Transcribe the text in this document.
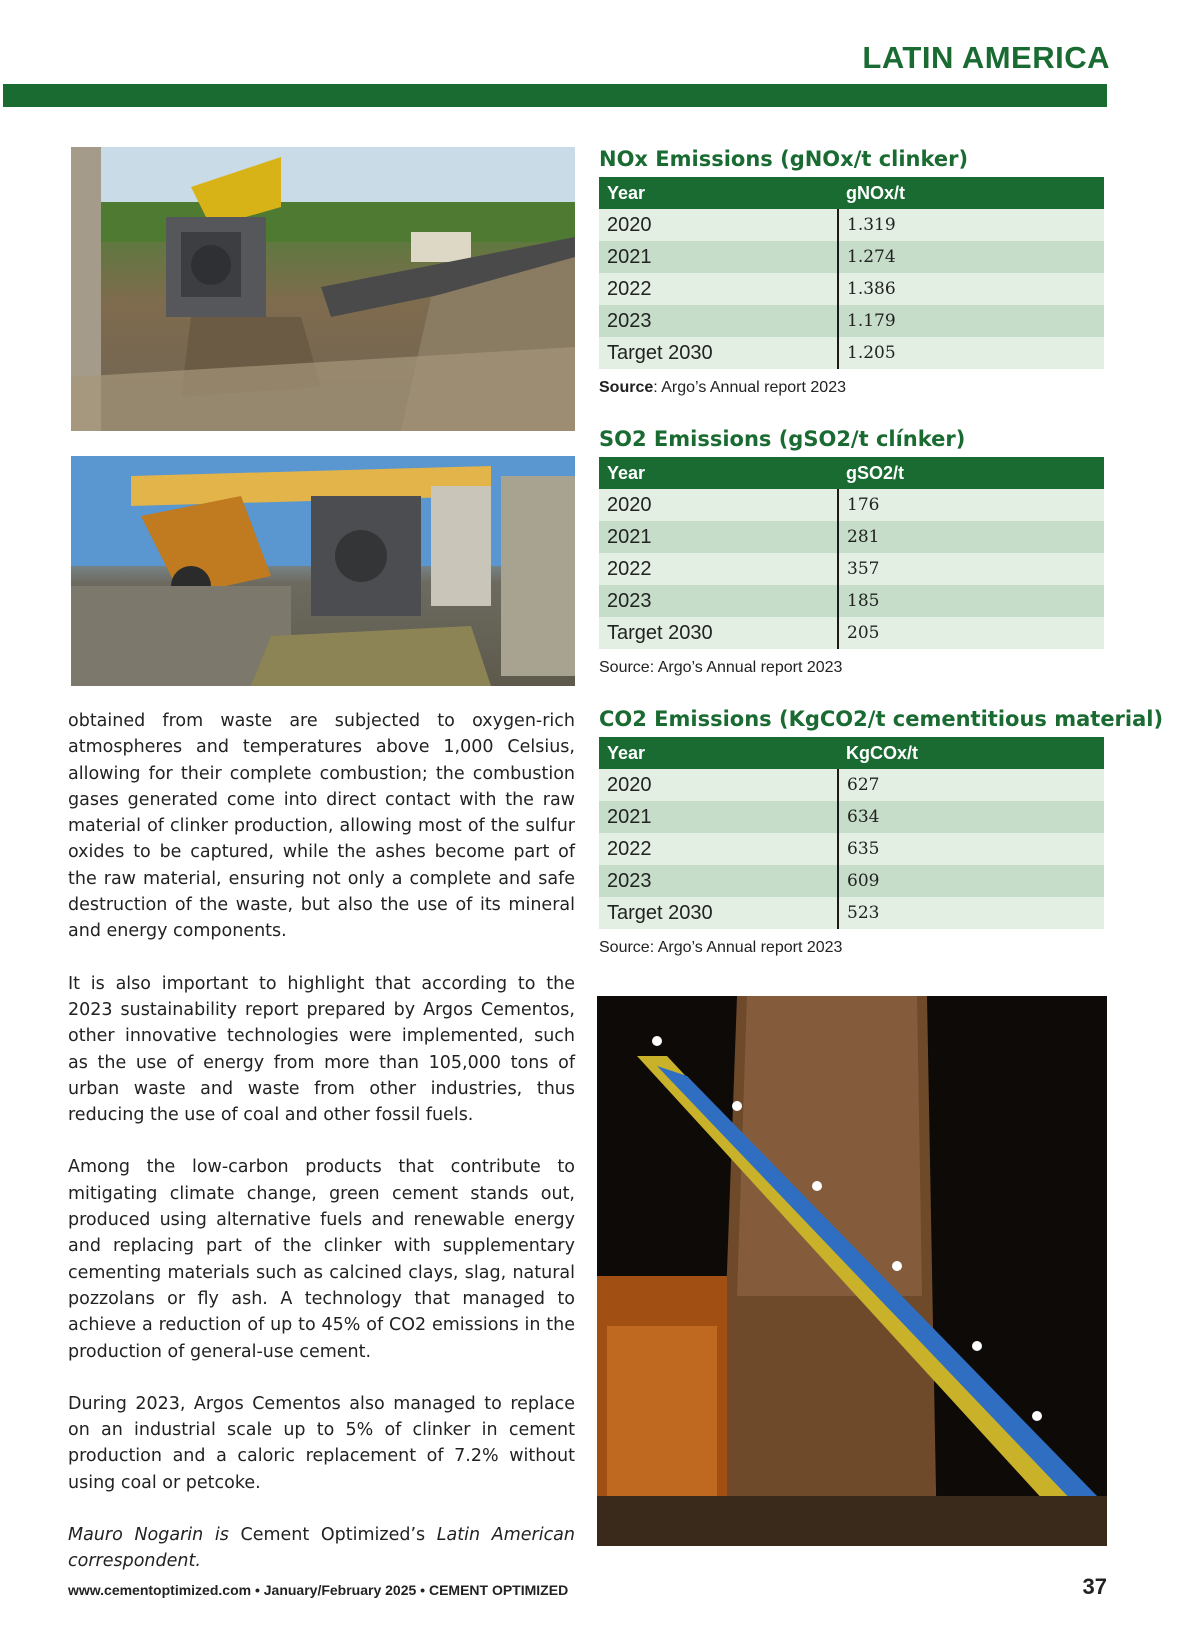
LATIN AMERICA
NOx Emissions (gNOx/t clinker)
Year	gNOx/t
2020	1.319
2021	1.274
2022	1.386
2023	1.179
Target 2030	1.205
Source: Argo’s Annual report 2023
SO2 Emissions (gSO2/t clínker)
Year	gSO2/t
2020	176
2021	281
2022	357
2023	185
Target 2030	205
Source: Argo’s Annual report 2023
CO2 Emissions (KgCO2/t cementitious material)
Year	KgCOx/t
2020	627
2021	634
2022	635
2023	609
Target 2030	523
Source: Argo’s Annual report 2023

obtained from waste are subjected to oxygen-rich atmospheres and temperatures above 1,000 Celsius, allowing for their complete combustion; the combustion gases generated come into direct contact with the raw material of clinker production, allowing most of the sulfur oxides to be captured, while the ashes become part of the raw material, ensuring not only a complete and safe destruction of the waste, but also the use of its mineral and energy components.

It is also important to highlight that according to the 2023 sustainability report prepared by Argos Cementos, other innovative technologies were implemented, such as the use of energy from more than 105,000 tons of urban waste and waste from other industries, thus reducing the use of coal and other fossil fuels.

Among the low-carbon products that contribute to mitigating climate change, green cement stands out, produced using alternative fuels and renewable energy and replacing part of the clinker with supplementary cementing materials such as calcined clays, slag, natural pozzolans or fly ash. A technology that managed to achieve a reduction of up to 45% of CO2 emissions in the production of general-use cement.

During 2023, Argos Cementos also managed to replace on an industrial scale up to 5% of clinker in cement production and a caloric replacement of 7.2% without using coal or petcoke.

Mauro Nogarin is Cement Optimized’s Latin American correspondent.

www.cementoptimized.com • January/February 2025 • CEMENT OPTIMIZED	37
